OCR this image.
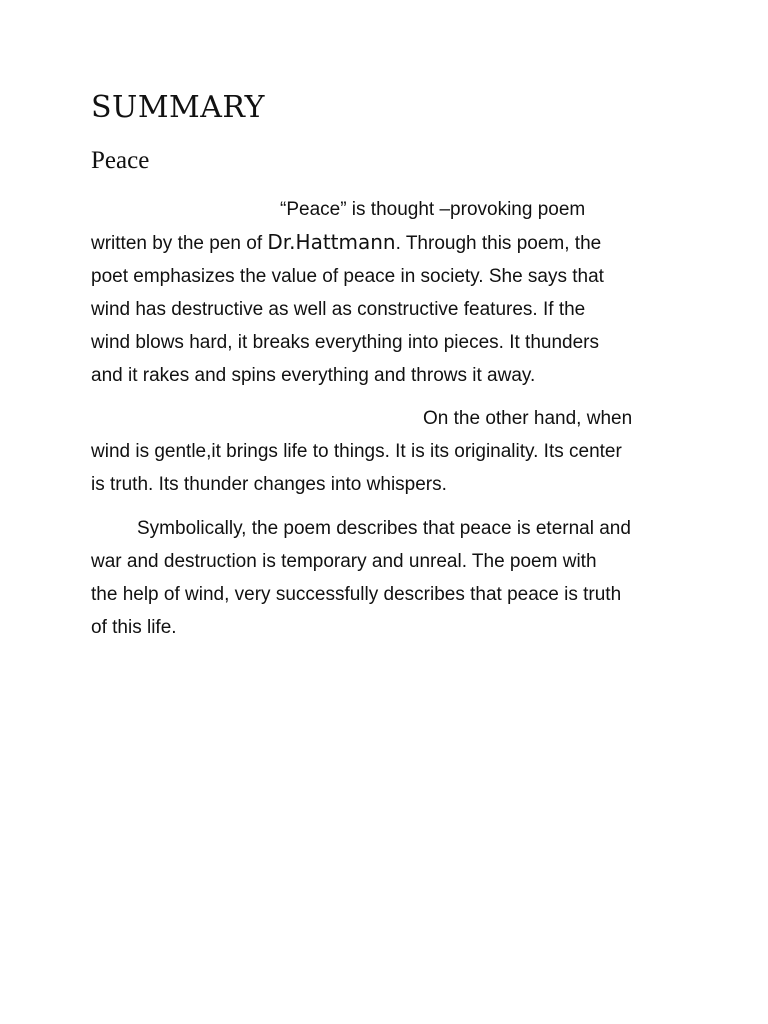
SUMMARY
Peace
“Peace” is thought –provoking poem
written by the pen of Dr.Hattmann. Through this poem, the
poet emphasizes the value of peace in society. She says that
wind has destructive as well as constructive features. If the
wind blows hard, it breaks everything into pieces. It thunders
and it rakes and spins everything and throws it away.
On the other hand, when
wind is gentle,it brings life to things. It is its originality. Its center
is truth. Its thunder changes into whispers.
Symbolically, the poem describes that peace is eternal and
war and destruction is temporary and unreal. The poem with
the help of wind, very successfully describes that peace is truth
of this life.
